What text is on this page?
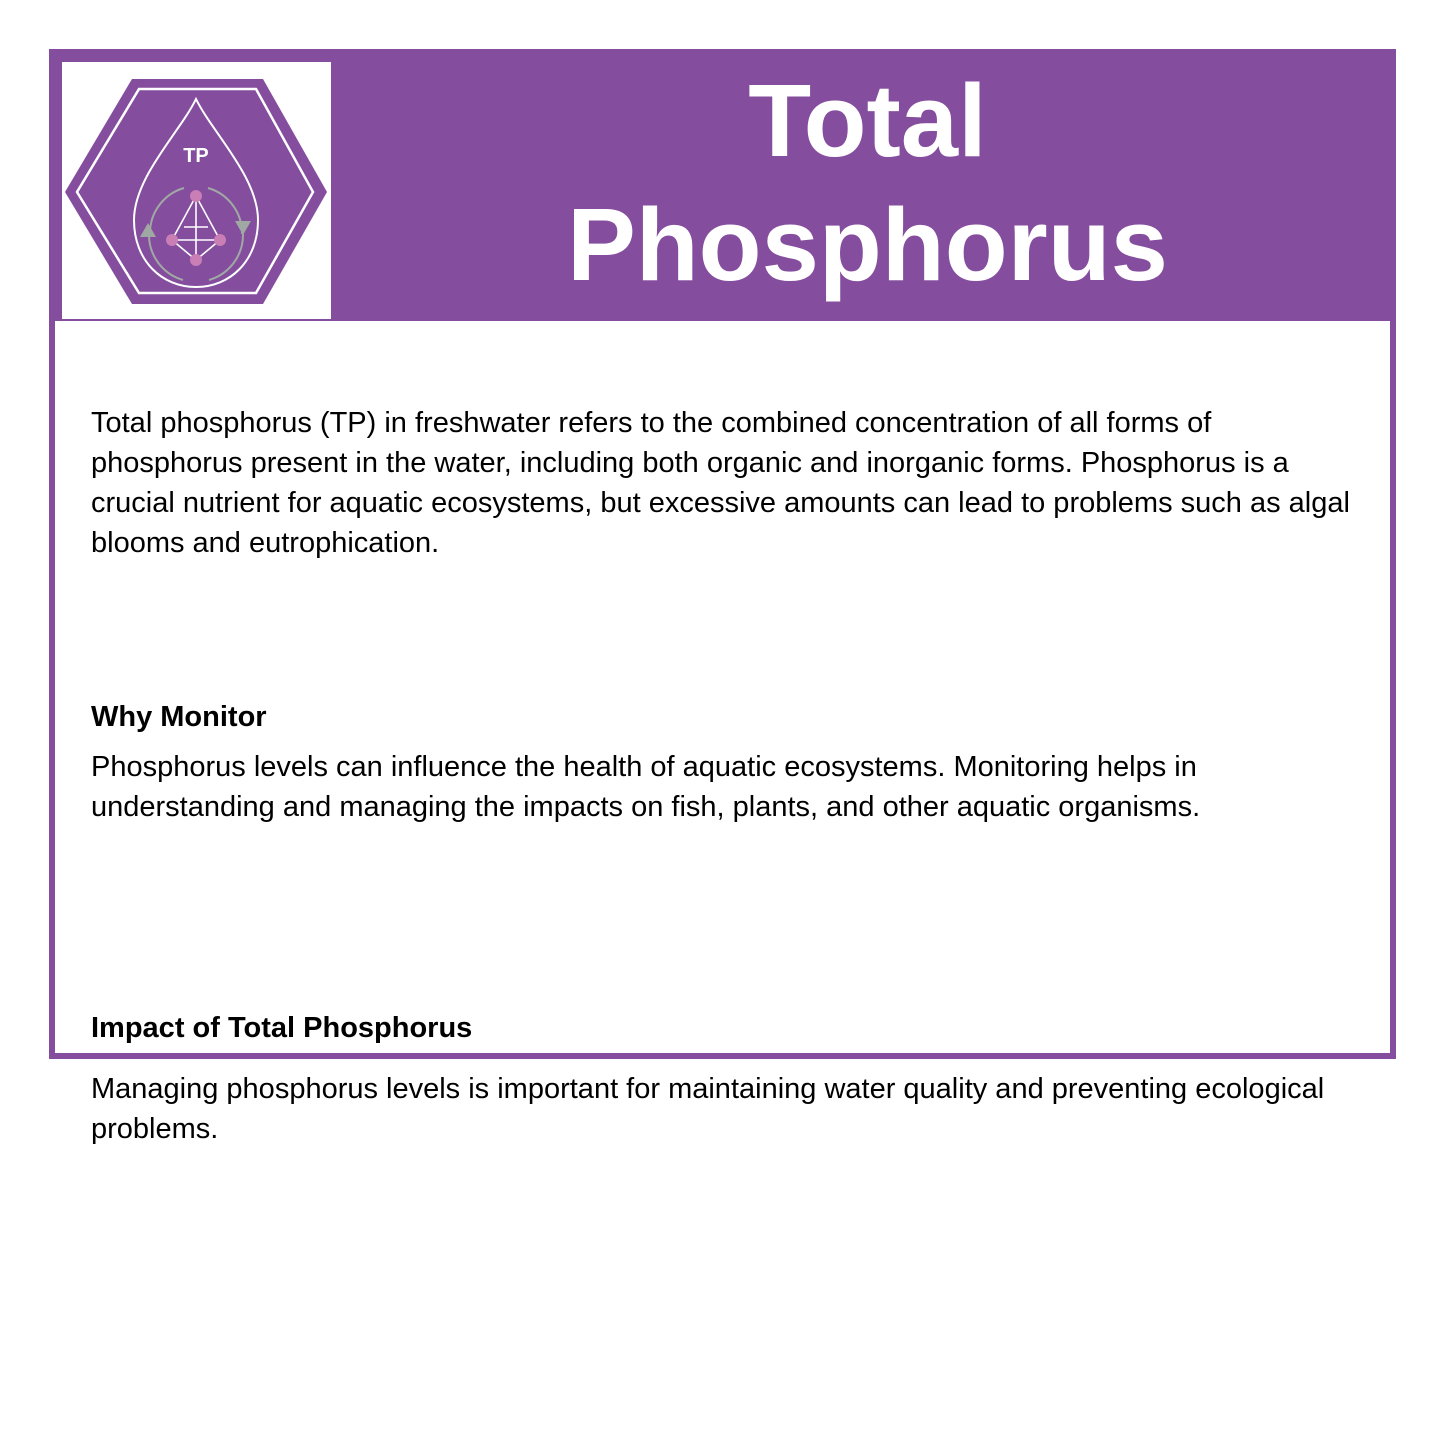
TP	Total
Phosphorus

Total phosphorus (TP) in freshwater refers to the combined concentration of all forms of phosphorus present in the water, including both organic and inorganic forms. Phosphorus is a crucial nutrient for aquatic ecosystems, but excessive amounts can lead to problems such as algal blooms and eutrophication.

Why Monitor

Phosphorus levels can influence the health of aquatic ecosystems. Monitoring helps in understanding and managing the impacts on fish, plants, and other aquatic organisms.

Impact of Total Phosphorus

Managing phosphorus levels is important for maintaining water quality and preventing ecological problems.
